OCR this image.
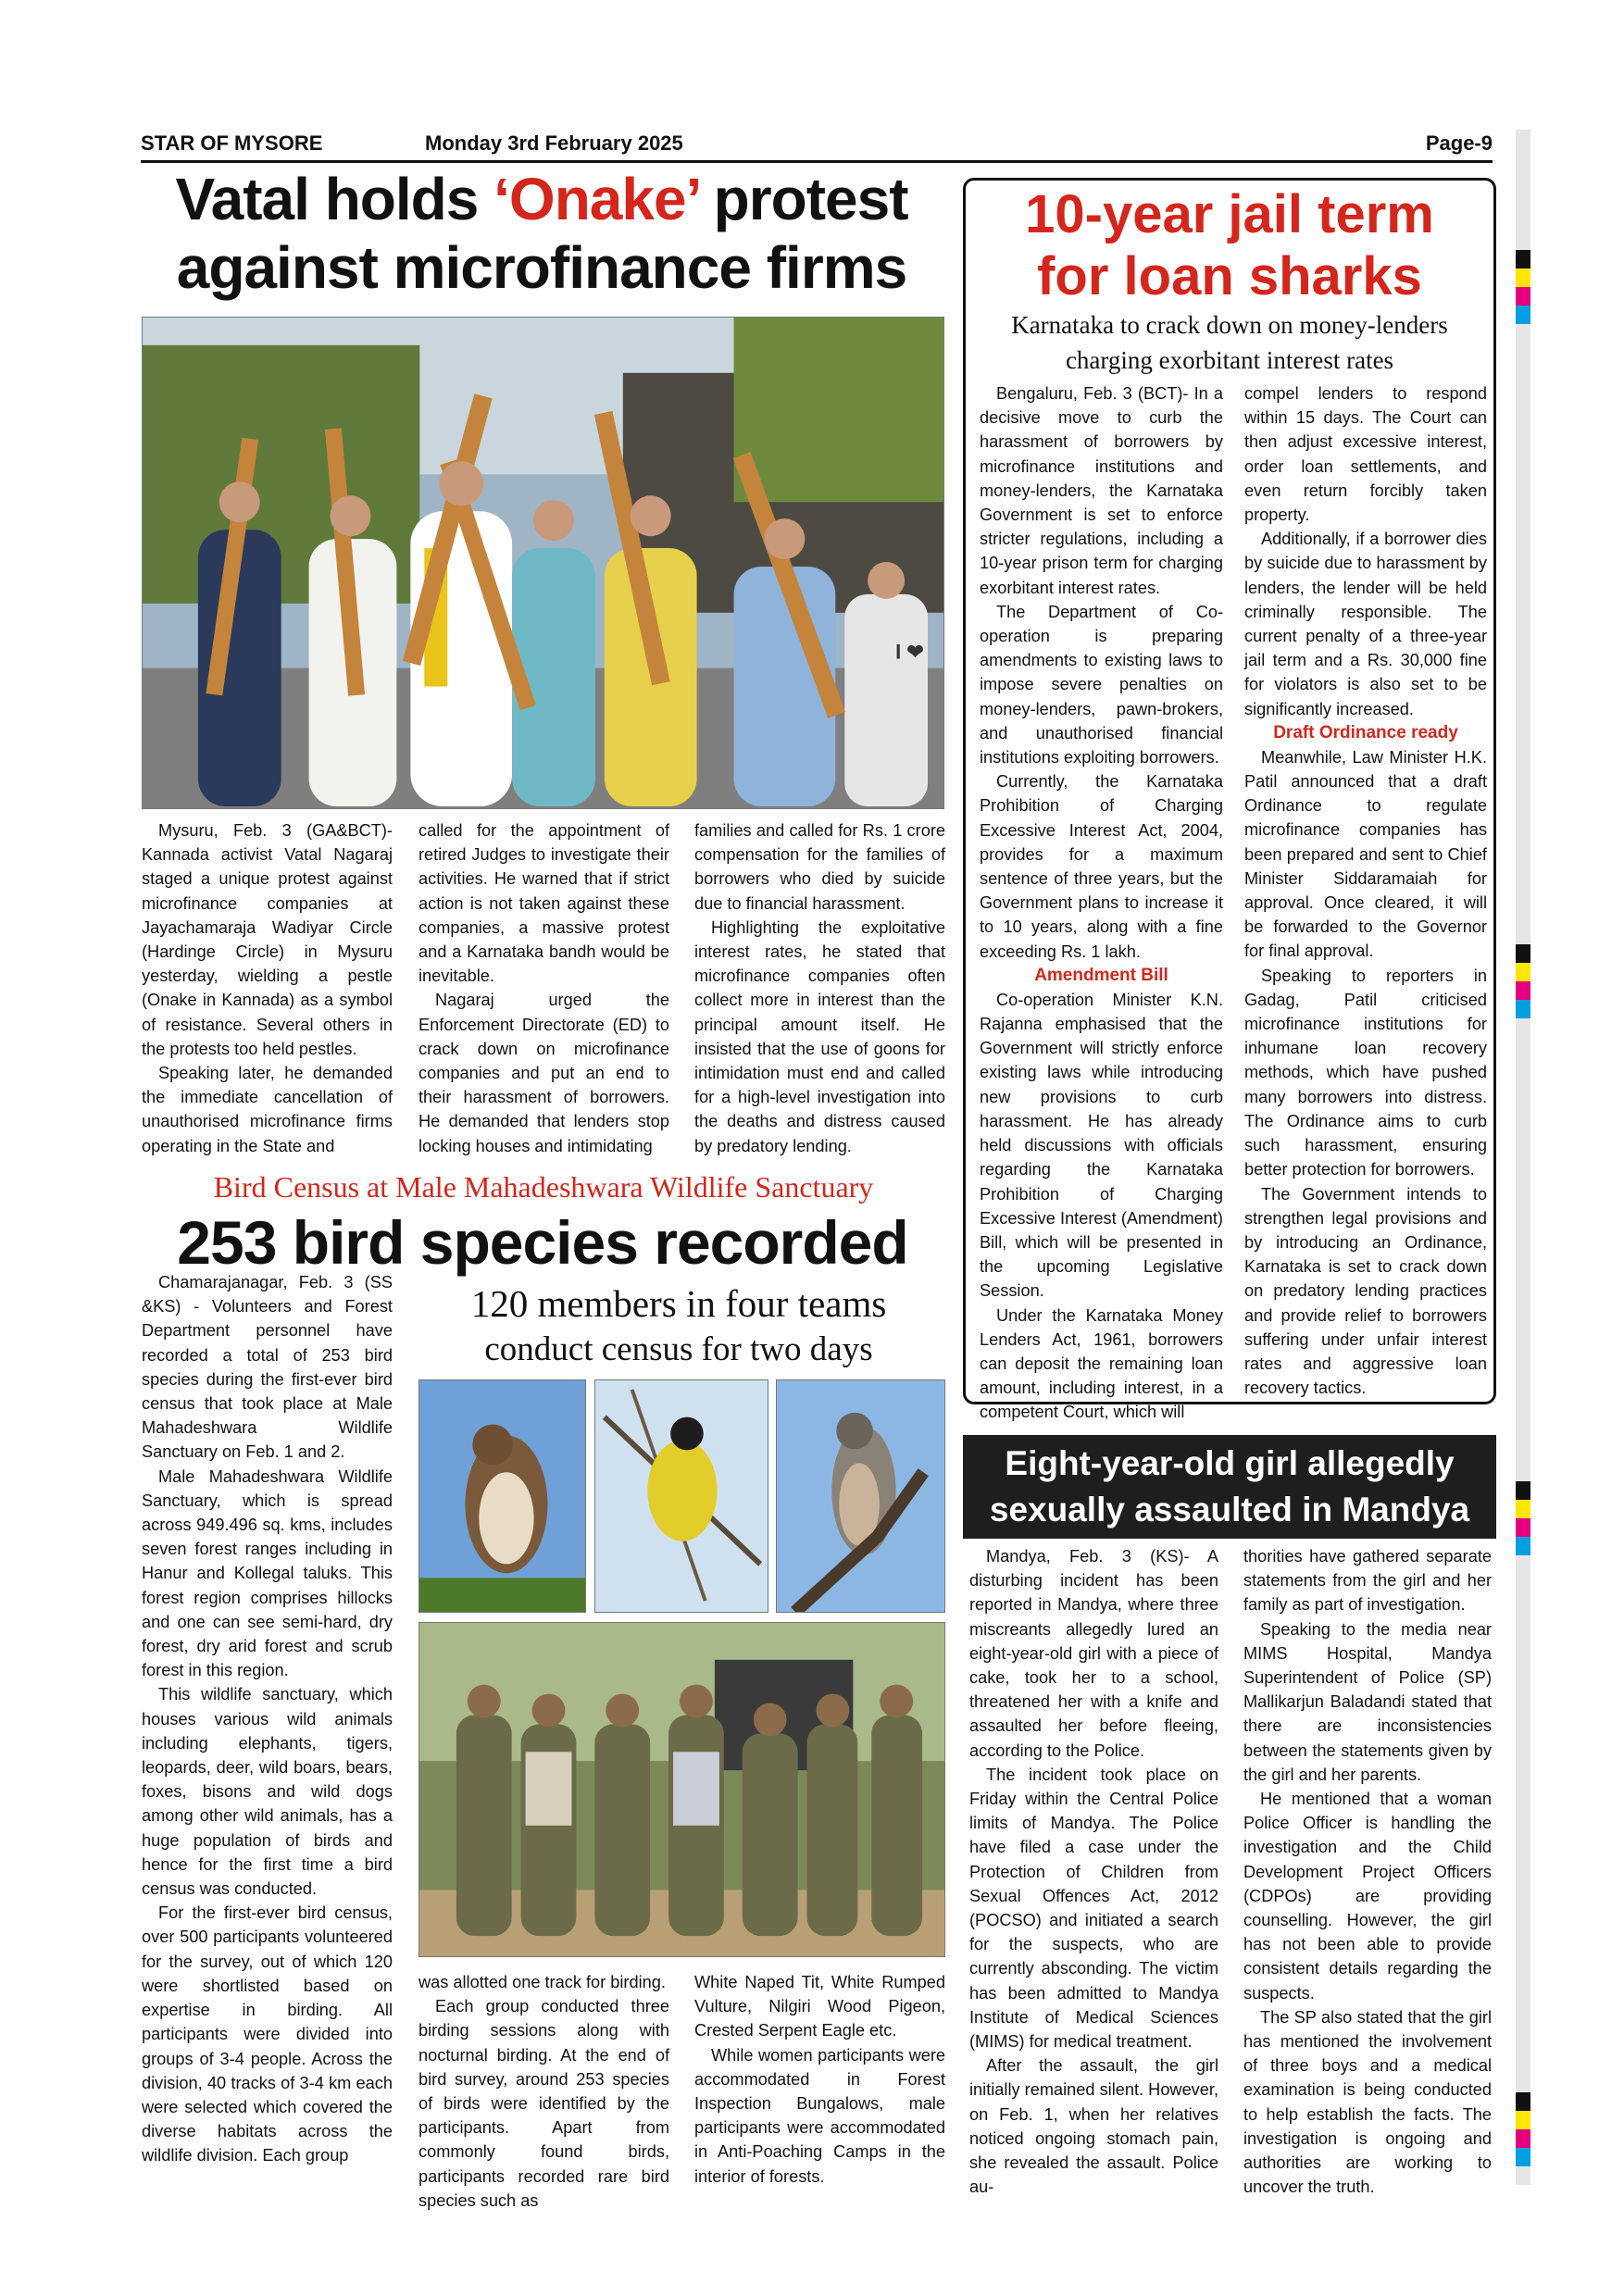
STAR OF MYSORE	Monday 3rd February 2025	Page-9
Vatal holds ‘Onake’ protest
against microfinance firms
I ❤

Mysuru, Feb. 3 (GA&BCT)- Kannada activist Vatal Nagaraj staged a unique protest against microfinance companies at Jayachamaraja Wadiyar Circle (Hardinge Circle) in Mysuru yesterday, wielding a pestle (Onake in Kannada) as a symbol of resistance. Several others in the protests too held pestles.

Speaking later, he demanded the immediate cancellation of unauthorised microfinance firms operating in the State and

called for the appointment of retired Judges to investigate their activities. He warned that if strict action is not taken against these companies, a massive protest and a Karnataka bandh would be inevitable.

Nagaraj urged the Enforcement Directorate (ED) to crack down on microfinance companies and put an end to their harassment of borrowers. He demanded that lenders stop locking houses and intimidating

families and called for Rs. 1 crore compensation for the families of borrowers who died by suicide due to financial harassment.

Highlighting the exploitative interest rates, he stated that microfinance companies often collect more in interest than the principal amount itself. He insisted that the use of goons for intimidation must end and called for a high-level investigation into the deaths and distress caused by predatory lending.

10-year jail term
for loan sharks
Karnataka to crack down on money-lenders
charging exorbitant interest rates

Bengaluru, Feb. 3 (BCT)- In a decisive move to curb the harassment of borrowers by microfinance institutions and money-lenders, the Karnataka Government is set to enforce stricter regulations, including a 10-year prison term for charging exorbitant interest rates.

The Department of Co-operation is preparing amendments to existing laws to impose severe penalties on money-lenders, pawn-brokers, and unauthorised financial institutions exploiting borrowers.

Currently, the Karnataka Prohibition of Charging Excessive Interest Act, 2004, provides for a maximum sentence of three years, but the Government plans to increase it to 10 years, along with a fine exceeding Rs. 1 lakh.

Amendment Bill

Co-operation Minister K.N. Rajanna emphasised that the Government will strictly enforce existing laws while introducing new provisions to curb harassment. He has already held discussions with officials regarding the Karnataka Prohibition of Charging Excessive Interest (Amendment) Bill, which will be presented in the upcoming Legislative Session.

Under the Karnataka Money Lenders Act, 1961, borrowers can deposit the remaining loan amount, including interest, in a competent Court, which will

compel lenders to respond within 15 days. The Court can then adjust excessive interest, order loan settlements, and even return forcibly taken property.

Additionally, if a borrower dies by suicide due to harassment by lenders, the lender will be held criminally responsible. The current penalty of a three-year jail term and a Rs. 30,000 fine for violators is also set to be significantly increased.

Draft Ordinance ready

Meanwhile, Law Minister H.K. Patil announced that a draft Ordinance to regulate microfinance companies has been prepared and sent to Chief Minister Siddaramaiah for approval. Once cleared, it will be forwarded to the Governor for final approval.

Speaking to reporters in Gadag, Patil criticised microfinance institutions for inhumane loan recovery methods, which have pushed many borrowers into distress. The Ordinance aims to curb such harassment, ensuring better protection for borrowers.

The Government intends to strengthen legal provisions and by introducing an Ordinance, Karnataka is set to crack down on predatory lending practices and provide relief to borrowers suffering under unfair interest rates and aggressive loan recovery tactics.

Bird Census at Male Mahadeshwara Wildlife Sanctuary
253 bird species recorded
120 members in four teams
conduct census for two days

Chamarajanagar, Feb. 3 (SS &KS) - Volunteers and Forest Department personnel have recorded a total of 253 bird species during the first-ever bird census that took place at Male Mahadeshwara Wildlife Sanctuary on Feb. 1 and 2.

Male Mahadeshwara Wildlife Sanctuary, which is spread across 949.496 sq. kms, includes seven forest ranges including in Hanur and Kollegal taluks. This forest region comprises hillocks and one can see semi-hard, dry forest, dry arid forest and scrub forest in this region.

This wildlife sanctuary, which houses various wild animals including elephants, tigers, leopards, deer, wild boars, bears, foxes, bisons and wild dogs among other wild animals, has a huge population of birds and hence for the first time a bird census was conducted.

For the first-ever bird census, over 500 participants volunteered for the survey, out of which 120 were shortlisted based on expertise in birding. All participants were divided into groups of 3-4 people. Across the division, 40 tracks of 3-4 km each were selected which covered the diverse habitats across the wildlife division. Each group

was allotted one track for birding.

Each group conducted three birding sessions along with nocturnal birding. At the end of bird survey, around 253 species of birds were identified by the participants. Apart from commonly found birds, participants recorded rare bird species such as

White Naped Tit, White Rumped Vulture, Nilgiri Wood Pigeon, Crested Serpent Eagle etc.

While women participants were accommodated in Forest Inspection Bungalows, male participants were accommodated in Anti-Poaching Camps in the interior of forests.

Eight-year-old girl allegedly
sexually assaulted in Mandya

Mandya, Feb. 3 (KS)- A disturbing incident has been reported in Mandya, where three miscreants allegedly lured an eight-year-old girl with a piece of cake, took her to a school, threatened her with a knife and assaulted her before fleeing, according to the Police.

The incident took place on Friday within the Central Police limits of Mandya. The Police have filed a case under the Protection of Children from Sexual Offences Act, 2012 (POCSO) and initiated a search for the suspects, who are currently absconding. The victim has been admitted to Mandya Institute of Medical Sciences (MIMS) for medical treatment.

After the assault, the girl initially remained silent. However, on Feb. 1, when her relatives noticed ongoing stomach pain, she revealed the assault. Police au-

thorities have gathered separate statements from the girl and her family as part of investigation.

Speaking to the media near MIMS Hospital, Mandya Superintendent of Police (SP) Mallikarjun Baladandi stated that there are inconsistencies between the statements given by the girl and her parents.

He mentioned that a woman Police Officer is handling the investigation and the Child Development Project Officers (CDPOs) are providing counselling. However, the girl has not been able to provide consistent details regarding the suspects.

The SP also stated that the girl has mentioned the involvement of three boys and a medical examination is being conducted to help establish the facts. The investigation is ongoing and authorities are working to uncover the truth.
